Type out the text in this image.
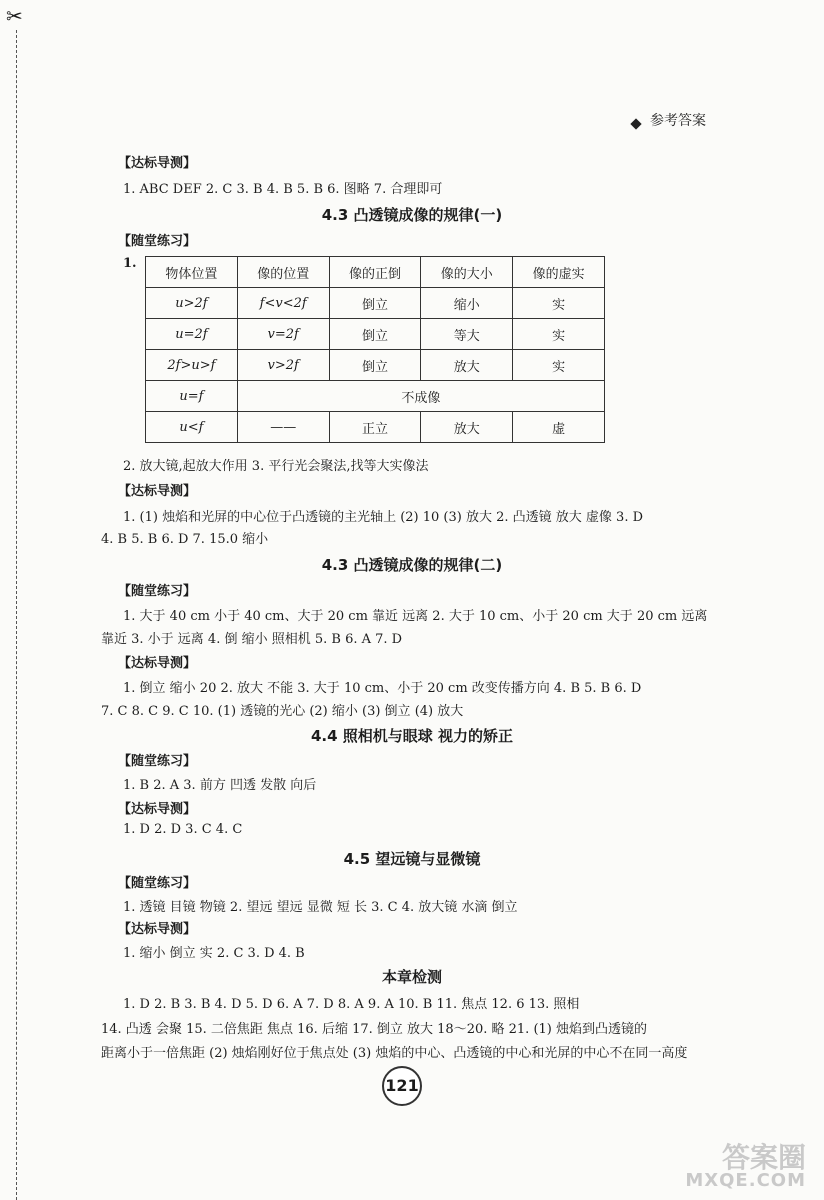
✂
参考答案
【达标导测】
1. ABC DEF 2. C 3. B 4. B 5. B 6. 图略 7. 合理即可
4.3 凸透镜成像的规律(一)
【随堂练习】
1.
物体位置	像的位置	像的正倒	像的大小	像的虚实
u>2f	f<v<2f	倒立	缩小	实
u=2f	v=2f	倒立	等大	实
2f>u>f	v>2f	倒立	放大	实
u=f	不成像			
u<f	——	正立	放大	虚
2. 放大镜,起放大作用 3. 平行光会聚法,找等大实像法
【达标导测】
1. (1) 烛焰和光屏的中心位于凸透镜的主光轴上 (2) 10 (3) 放大 2. 凸透镜 放大 虚像 3. D
4. B 5. B 6. D 7. 15.0 缩小
4.3 凸透镜成像的规律(二)
【随堂练习】
1. 大于 40 cm 小于 40 cm、大于 20 cm 靠近 远离 2. 大于 10 cm、小于 20 cm 大于 20 cm 远离
靠近 3. 小于 远离 4. 倒 缩小 照相机 5. B 6. A 7. D
【达标导测】
1. 倒立 缩小 20 2. 放大 不能 3. 大于 10 cm、小于 20 cm 改变传播方向 4. B 5. B 6. D
7. C 8. C 9. C 10. (1) 透镜的光心 (2) 缩小 (3) 倒立 (4) 放大
4.4 照相机与眼球 视力的矫正
【随堂练习】
1. B 2. A 3. 前方 凹透 发散 向后
【达标导测】
1. D 2. D 3. C 4. C
4.5 望远镜与显微镜
【随堂练习】
1. 透镜 目镜 物镜 2. 望远 望远 显微 短 长 3. C 4. 放大镜 水滴 倒立
【达标导测】
1. 缩小 倒立 实 2. C 3. D 4. B
本章检测
1. D 2. B 3. B 4. D 5. D 6. A 7. D 8. A 9. A 10. B 11. 焦点 12. 6 13. 照相
14. 凸透 会聚 15. 二倍焦距 焦点 16. 后缩 17. 倒立 放大 18～20. 略 21. (1) 烛焰到凸透镜的
距离小于一倍焦距 (2) 烛焰刚好位于焦点处 (3) 烛焰的中心、凸透镜的中心和光屏的中心不在同一高度
121
答案圈
MXQE.COM
